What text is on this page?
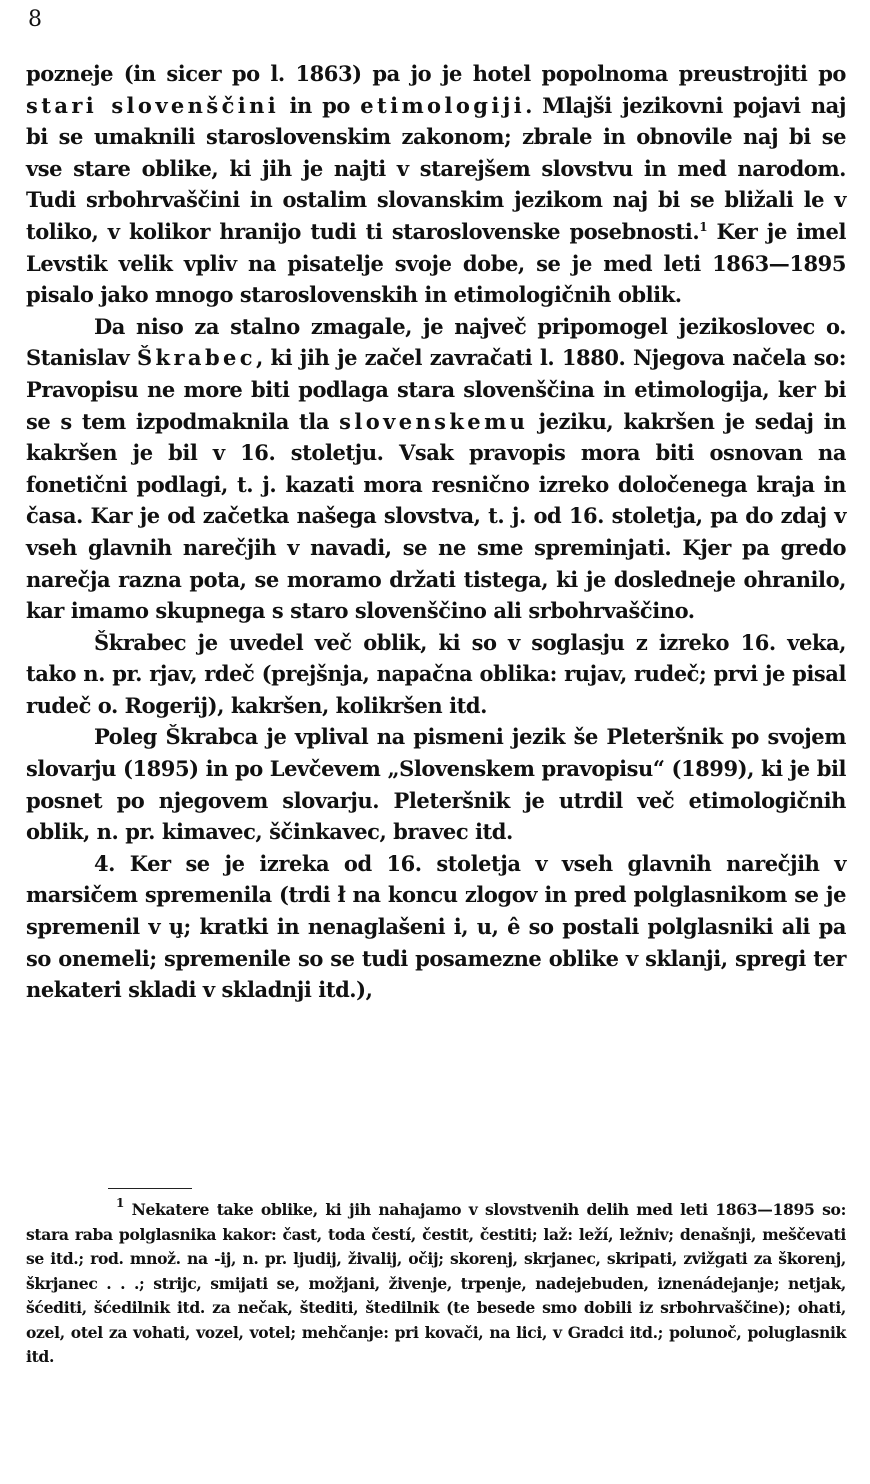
8

pozneje (in sicer po l. 1863) pa jo je hotel popolnoma preustrojiti po stari slovenščini in po etimologiji. Mlajši jezikovni pojavi naj bi se umaknili staroslovenskim zakonom; zbrale in obnovile naj bi se vse stare oblike, ki jih je najti v starejšem slovstvu in med narodom. Tudi srbohrvaščini in ostalim slovanskim jezikom naj bi se bližali le v toliko, v kolikor hranijo tudi ti staroslovenske posebnosti.$^1$ Ker je imel Levstik velik vpliv na pisatelje svoje dobe, se je med leti 1863—1895 pisalo jako mnogo staroslovenskih in etimologičnih oblik.

Da niso za stalno zmagale, je največ pripomogel jezikoslovec o. Stanislav Škrabec, ki jih je začel zavračati l. 1880. Njegova načela so: Pravopisu ne more biti podlaga stara slovenščina in etimologija, ker bi se s tem izpodmaknila tla slovenskemu jeziku, kakršen je sedaj in kakršen je bil v 16. stoletju. Vsak pravopis mora biti osnovan na fonetični podlagi, t. j. kazati mora resnično izreko določenega kraja in časa. Kar je od začetka našega slovstva, t. j. od 16. stoletja, pa do zdaj v vseh glavnih narečjih v navadi, se ne sme spreminjati. Kjer pa gredo narečja razna pota, se moramo držati tistega, ki je dosledneje ohranilo, kar imamo skupnega s staro slovenščino ali srbohrvaščino.

Škrabec je uvedel več oblik, ki so v soglasju z izreko 16. veka, tako n. pr. rjav, rdeč (prejšnja, napačna oblika: rujav, rudeč; prvi je pisal rudeč o. Rogerij), kakršen, kolikršen itd.

Poleg Škrabca je vplival na pismeni jezik še Pleteršnik po svojem slovarju (1895) in po Levčevem „Slovenskem pravopisu“ (1899), ki je bil posnet po njegovem slovarju. Pleteršnik je utrdil več etimologičnih oblik, n. pr. kimavec, ščinkavec, bravec itd.

4. Ker se je izreka od 16. stoletja v vseh glavnih narečjih v marsičem spremenila (trdi ł na koncu zlogov in pred polglasnikom se je spremenil v u̧; kratki in nenaglašeni i, u, ê so postali polglasniki ali pa so onemeli; spremenile so se tudi posamezne oblike v sklanji, spregi ter nekateri skladi v skladnji itd.),

$^1$ Nekatere take oblike, ki jih nahajamo v slovstvenih delih med leti 1863—1895 so: stara raba polglasnika kakor: čast, toda čestí, čestit, čestiti; laž: leží, ležniv; denašnji, meščevati se itd.; rod. množ. na -ij, n. pr. ljudij, živalij, očij; skorenj, skrjanec, skripati, zvižgati za škorenj, škrjanec . . .; strijc, smijati se, možjani, živenje, trpenje, nadejebuden, iznenádejanje; netjak, šćediti, šćedilnik itd. za nečak, štediti, štedilnik (te besede smo dobili iz srbohrvaščine); ohati, ozel, otel za vohati, vozel, votel; mehčanje: pri kovači, na lici, v Gradci itd.; polunoč, poluglasnik itd.
